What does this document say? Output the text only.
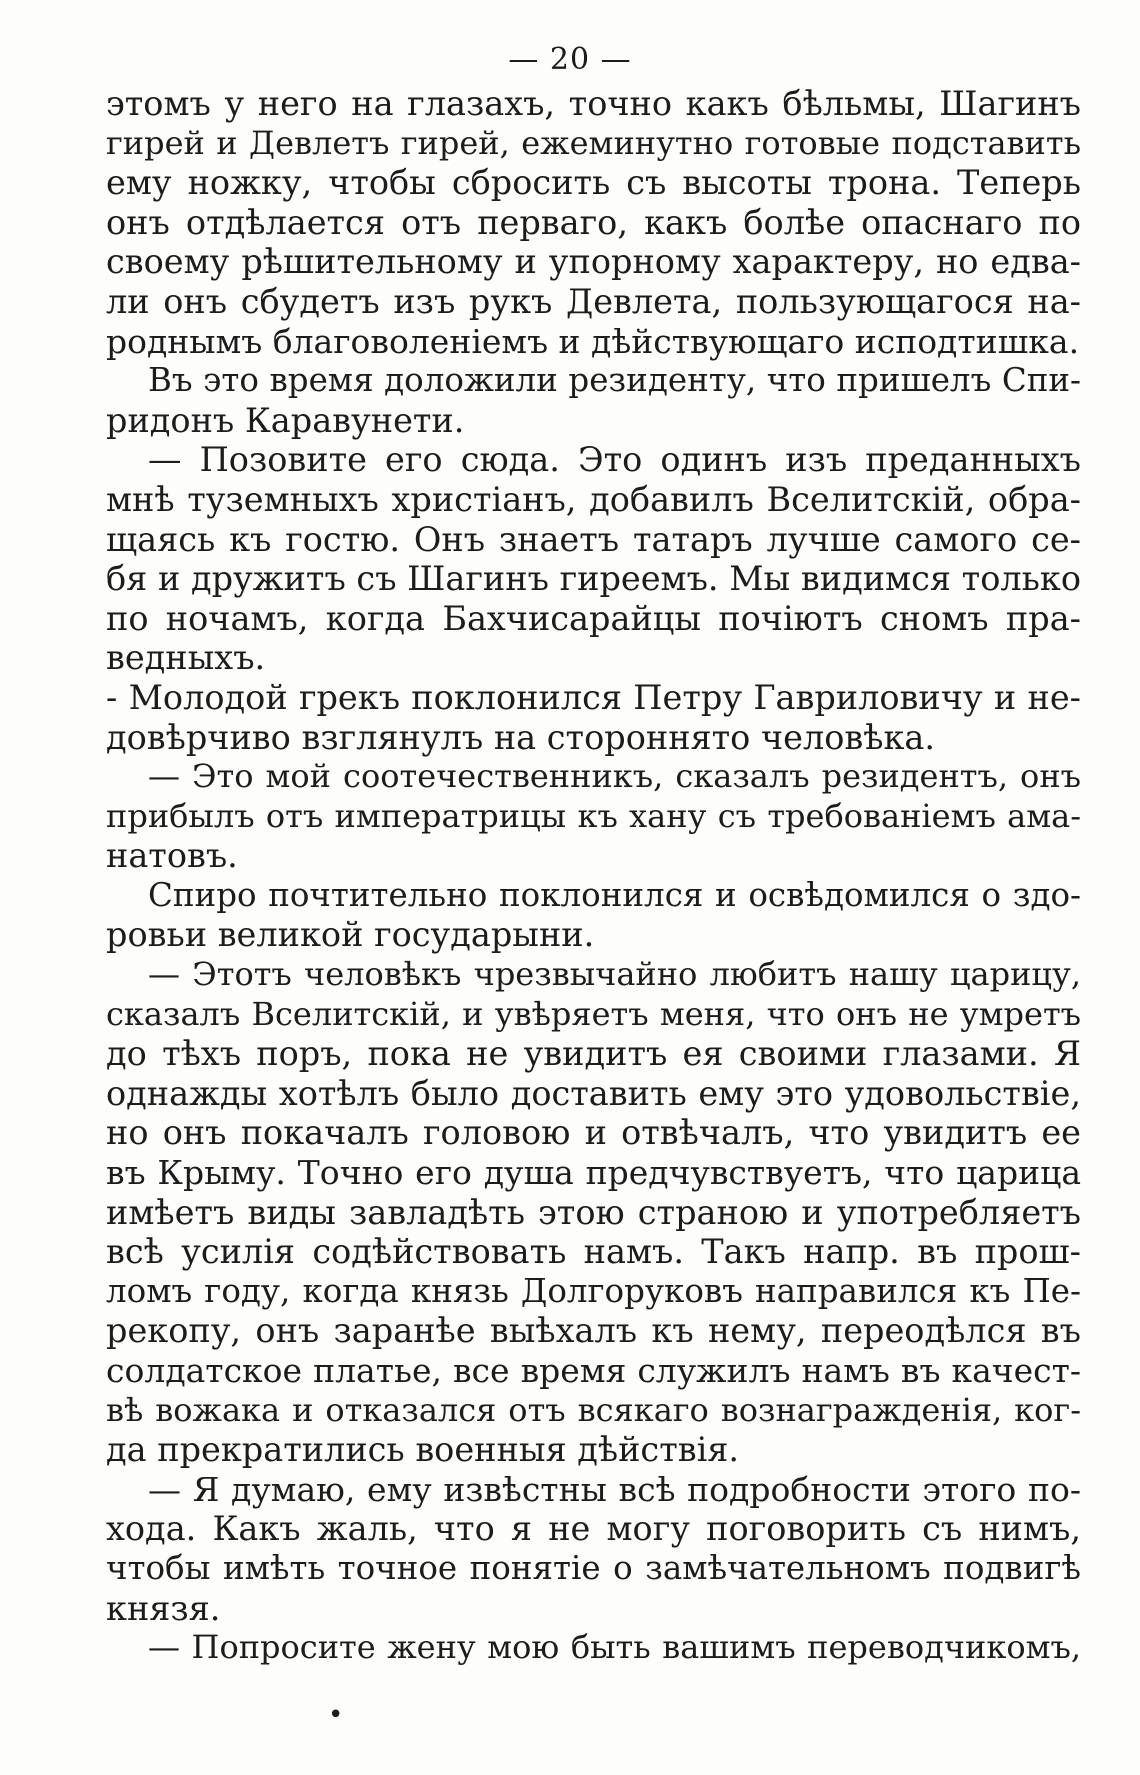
— 20 —
этомъ у него на глазахъ, точно какъ бѣльмы, Шагинъ
гирей и Девлетъ гирей, ежеминутно готовые подставить
ему ножку, чтобы сбросить съ высоты трона. Теперь
онъ отдѣлается отъ перваго, какъ болѣе опаснаго по
своему рѣшительному и упорному характеру, но едва-
ли онъ сбудетъ изъ рукъ Девлета, пользующагося на-
роднымъ благоволеніемъ и дѣйствующаго исподтишка.
Въ это время доложили резиденту, что пришелъ Спи-
ридонъ Каравунети.
— Позовите его сюда. Это одинъ изъ преданныхъ
мнѣ туземныхъ христіанъ, добавилъ Вселитскій, обра-
щаясь къ гостю. Онъ знаетъ татаръ лучше самого се-
бя и дружитъ съ Шагинъ гиреемъ. Мы видимся только
по ночамъ, когда Бахчисарайцы почіютъ сномъ пра-
ведныхъ.
- Молодой грекъ поклонился Петру Гавриловичу и не-
довѣрчиво взглянулъ на стороннято человѣка.
— Это мой соотечественникъ, сказалъ резидентъ, онъ
прибылъ отъ императрицы къ хану съ требованіемъ ама-
натовъ.
Спиро почтительно поклонился и освѣдомился о здо-
ровьи великой государыни.
— Этотъ человѣкъ чрезвычайно любитъ нашу царицу,
сказалъ Вселитскій, и увѣряетъ меня, что онъ не умретъ
до тѣхъ поръ, пока не увидитъ ея своими глазами. Я
однажды хотѣлъ было доставить ему это удовольствіе,
но онъ покачалъ головою и отвѣчалъ, что увидитъ ее
въ Крыму. Точно его душа предчувствуетъ, что царица
имѣетъ виды завладѣть этою страною и употребляетъ
всѣ усилія содѣйствовать намъ. Такъ напр. въ прош-
ломъ году, когда князь Долгоруковъ направился къ Пе-
рекопу, онъ заранѣе выѣхалъ къ нему, переодѣлся въ
солдатское платье, все время служилъ намъ въ качест-
вѣ вожака и отказался отъ всякаго вознагражденія, ког-
да прекратились военныя дѣйствія.
— Я думаю, ему извѣстны всѣ подробности этого по-
хода. Какъ жаль, что я не могу поговорить съ нимъ,
чтобы имѣть точное понятіе о замѣчательномъ подвигѣ
князя.
— Попросите жену мою быть вашимъ переводчикомъ,
•
